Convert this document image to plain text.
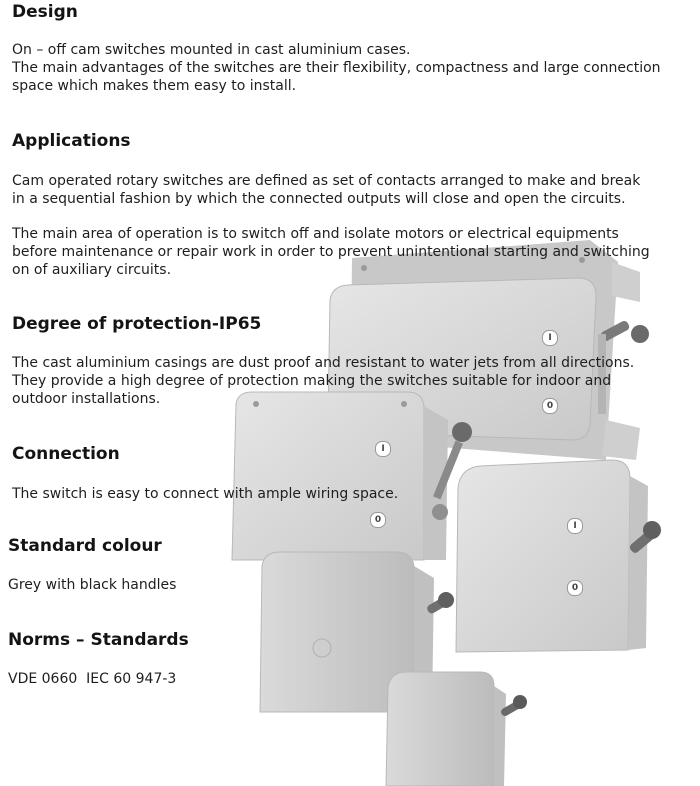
I
0
I
0
I
0
Design

On – off cam switches mounted in cast aluminium cases.
The main advantages of the switches are their flexibility, compactness and large connection
space which makes them easy to install.

Applications

Cam operated rotary switches are defined as set of contacts arranged to make and break
in a sequential fashion by which the connected outputs will close and open the circuits.

The main area of operation is to switch off and isolate motors or electrical equipments
before maintenance or repair work in order to prevent unintentional starting and switching
on of auxiliary circuits.

Degree of protection-IP65

The cast aluminium casings are dust proof and resistant to water jets from all directions.
They provide a high degree of protection making the switches suitable for indoor and
outdoor installations.

Connection

The switch is easy to connect with ample wiring space.

Standard colour

Grey with black handles

Norms – Standards

VDE 0660  IEC 60 947-3
